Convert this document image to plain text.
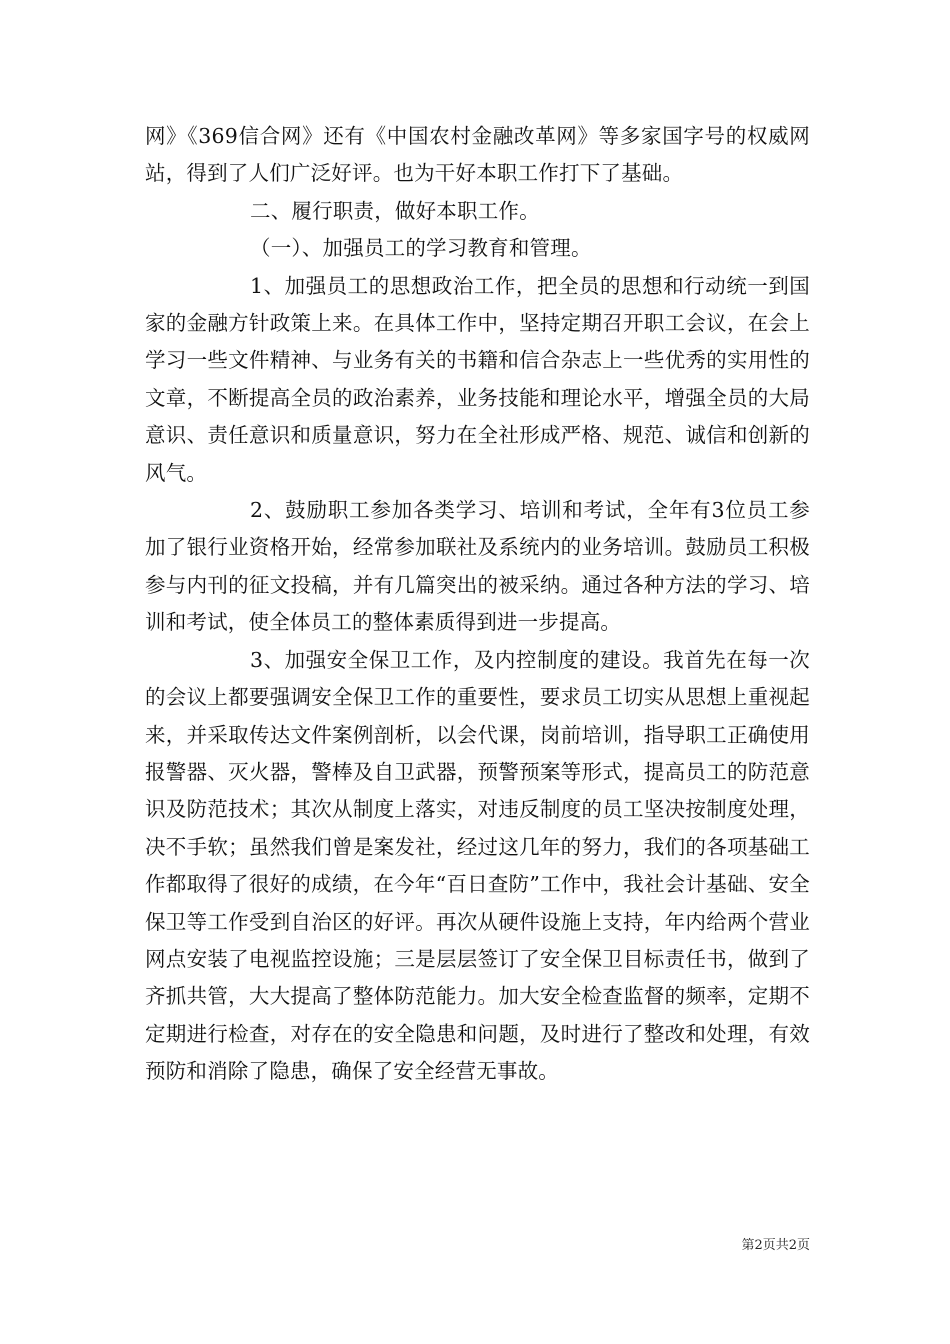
网》《369信合网》还有《中国农村金融改革网》等多家国字号的权威网站，得到了人们广泛好评。也为干好本职工作打下了基础。

二、履行职责，做好本职工作。

（一）、加强员工的学习教育和管理。

1、加强员工的思想政治工作，把全员的思想和行动统一到国家的金融方针政策上来。在具体工作中，坚持定期召开职工会议，在会上学习一些文件精神、与业务有关的书籍和信合杂志上一些优秀的实用性的文章，不断提高全员的政治素养，业务技能和理论水平，增强全员的大局意识、责任意识和质量意识，努力在全社形成严格、规范、诚信和创新的风气。

2、鼓励职工参加各类学习、培训和考试，全年有3位员工参加了银行业资格开始，经常参加联社及系统内的业务培训。鼓励员工积极参与内刊的征文投稿，并有几篇突出的被采纳。通过各种方法的学习、培训和考试，使全体员工的整体素质得到进一步提高。

3、加强安全保卫工作，及内控制度的建设。我首先在每一次的会议上都要强调安全保卫工作的重要性，要求员工切实从思想上重视起来，并采取传达文件案例剖析，以会代课，岗前培训，指导职工正确使用报警器、灭火器，警棒及自卫武器，预警预案等形式，提高员工的防范意识及防范技术；其次从制度上落实，对违反制度的员工坚决按制度处理，决不手软；虽然我们曾是案发社，经过这几年的努力，我们的各项基础工作都取得了很好的成绩，在今年“百日查防”工作中，我社会计基础、安全保卫等工作受到自治区的好评。再次从硬件设施上支持，年内给两个营业网点安装了电视监控设施；三是层层签订了安全保卫目标责任书，做到了齐抓共管，大大提高了整体防范能力。加大安全检查监督的频率，定期不定期进行检查，对存在的安全隐患和问题，及时进行了整改和处理，有效预防和消除了隐患，确保了安全经营无事故。

第2页共2页
